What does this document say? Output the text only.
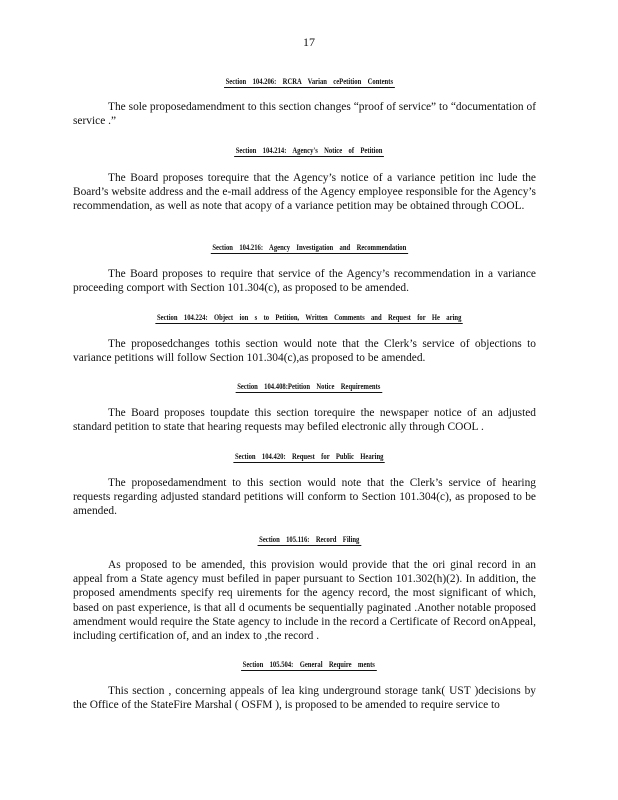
17
Section 104.206: RCRA Varian cePetition Contents

The sole proposedamendment to this section changes “proof of service” to “documentation of service .”

Section 104.214: Agency's Notice of Petition

The Board proposes torequire that the Agency’s notice of a variance petition inc lude the Board’s website address and the e-mail address of the Agency employee responsible for the Agency’s recommendation, as well as note that acopy of a variance petition may be obtained through COOL.

Section 104.216: Agency Investigation and Recommendation

The Board proposes to require that service of the Agency’s recommendation in a variance proceeding comport with Section 101.304(c), as proposed to be amended.

Section 104.224: Object ion s to Petition, Written Comments and Request for He aring

The proposedchanges tothis section would note that the Clerk’s service of objections to variance petitions will follow Section 101.304(c),as proposed to be amended.

Section 104.408:Petition Notice Requirements

The Board proposes toupdate this section torequire the newspaper notice of an adjusted standard petition to state that hearing requests may befiled electronic ally through COOL .

Section 104.420: Request for Public Hearing

The proposedamendment to this section would note that the Clerk’s service of hearing requests regarding adjusted standard petitions will conform to Section 101.304(c), as proposed to be amended.

Section 105.116: Record Filing

As proposed to be amended, this provision would provide that the ori ginal record in an appeal from a State agency must befiled in paper pursuant to Section 101.302(h)(2). In addition, the proposed amendments specify req uirements for the agency record, the most significant of which, based on past experience, is that all d ocuments be sequentially paginated .Another notable proposed amendment would require the State agency to include in the record a Certificate of Record onAppeal, including certification of, and an index to ,the record .

Section 105.504: General Require ments

This section , concerning appeals of lea king underground storage tank( UST )decisions by the Office of the StateFire Marshal ( OSFM ), is proposed to be amended to require service to
